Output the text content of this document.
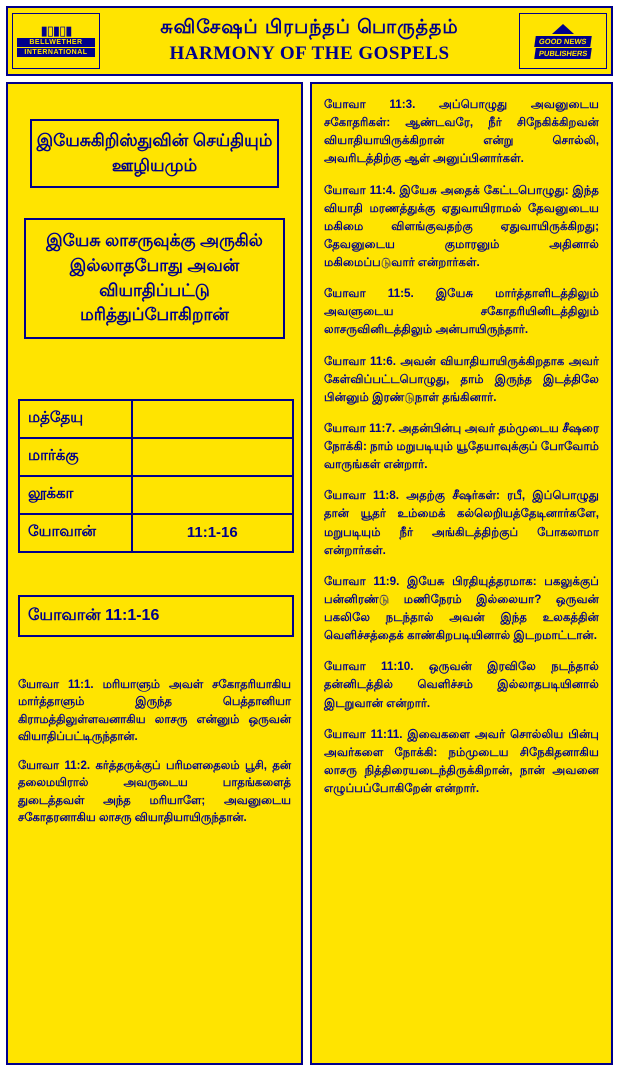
▮▯▮▯▮
BELLWETHER
INTERNATIONAL
சுவிசேஷப் பிரபந்தப் பொருத்தம்
HARMONY OF THE GOSPELS
GOOD NEWS
PUBLISHERS
இயேசுகிறிஸ்துவின் செய்தியும் ஊழியமும்
இயேசு லாசருவுக்கு அருகில் இல்லாதபோது அவன் வியாதிப்பட்டு மரித்துப்போகிறான்
மத்தேயு	
மார்க்கு	
லூக்கா	
யோவான்	11:1-16
யோவான் 11:1-16

யோவா 11:1. மரியாளும் அவள் சகோதரியாகிய மார்த்தாளும் இருந்த பெத்தானியா கிராமத்திலுள்ளவனாகிய லாசரு என்னும் ஒருவன் வியாதிப்பட்டிருந்தான்.

யோவா 11:2. கர்த்தருக்குப் பரிமளதைலம் பூசி, தன் தலைமயிரால் அவருடைய பாதங்களைத் துடைத்தவள் அந்த மரியாளே; அவனுடைய சகோதரனாகிய லாசரு வியாதியாயிருந்தான்.

யோவா 11:3. அப்பொழுது அவனுடைய சகோதரிகள்: ஆண்டவரே, நீர் சிநேகிக்கிறவன் வியாதியாயிருக்கிறான் என்று சொல்லி, அவரிடத்திற்கு ஆள் அனுப்பினார்கள்.

யோவா 11:4. இயேசு அதைக் கேட்டபொழுது: இந்த வியாதி மரணத்துக்கு ஏதுவாயிராமல் தேவனுடைய மகிமை விளங்குவதற்கு ஏதுவாயிருக்கிறது; தேவனுடைய குமாரனும் அதினால் மகிமைப்படுவார் என்றார்கள்.

யோவா 11:5. இயேசு மார்த்தாளிடத்திலும் அவளுடைய சகோதரியினிடத்திலும் லாசருவினிடத்திலும் அன்பாயிருந்தார்.

யோவா 11:6. அவன் வியாதியாயிருக்கிறதாக அவர் கேள்விப்பட்டபொழுது, தாம் இருந்த இடத்திலே பின்னும் இரண்டுநாள் தங்கினார்.

யோவா 11:7. அதன்பின்பு அவர் தம்முடைய சீஷரை நோக்கி: நாம் மறுபடியும் யூதேயாவுக்குப் போவோம் வாருங்கள் என்றார்.

யோவா 11:8. அதற்கு சீஷர்கள்: ரபீ, இப்பொழுது தான் யூதர் உம்மைக் கல்லெறியத்தேடினார்களே, மறுபடியும் நீர் அங்கிடத்திற்குப் போகலாமா என்றார்கள்.

யோவா 11:9. இயேசு பிரதியுத்தரமாக: பகலுக்குப் பன்னிரண்டு மணிநேரம் இல்லையா? ஒருவன் பகலிலே நடந்தால் அவன் இந்த உலகத்தின் வெளிச்சத்தைக் காண்கிறபடியினால் இடறமாட்டான்.

யோவா 11:10. ஒருவன் இரவிலே நடந்தால் தன்னிடத்தில் வெளிச்சம் இல்லாதபடியினால் இடறுவான் என்றார்.

யோவா 11:11. இவைகளை அவர் சொல்லிய பின்பு அவர்களை நோக்கி: நம்முடைய சிநேகிதனாகிய லாசரு நித்திரையடைந்திருக்கிறான், நான் அவனை எழுப்பப்போகிறேன் என்றார்.
